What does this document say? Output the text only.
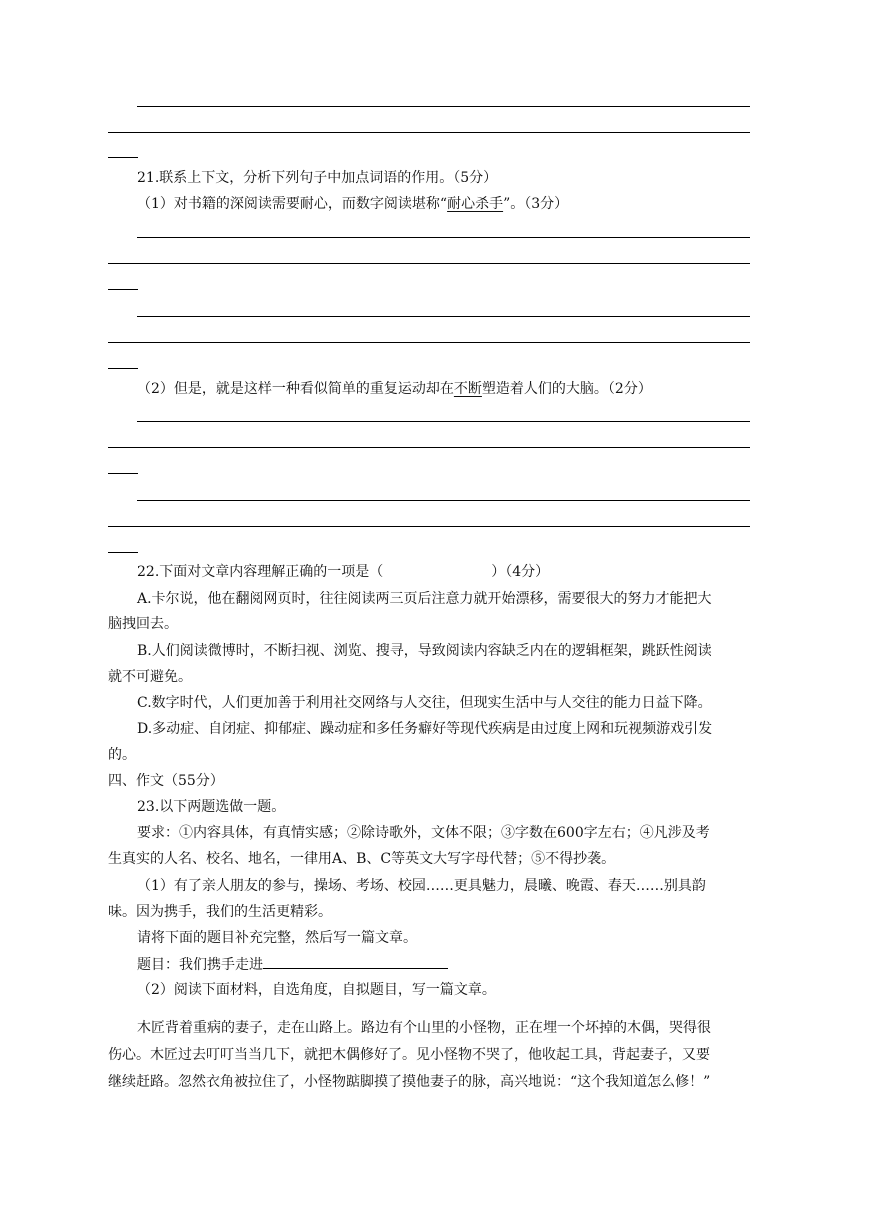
21.联系上下文，分析下列句子中加点词语的作用。（5分）
（1）对书籍的深阅读需要耐心，而数字阅读堪称“耐心杀手”。（3分）
（2）但是，就是这样一种看似简单的重复运动却在不断塑造着人们的大脑。（2分）
22.下面对文章内容理解正确的一项是（	）（4分）
A.卡尔说，他在翻阅网页时，往往阅读两三页后注意力就开始漂移，需要很大的努力才能把大
脑拽回去。
B.人们阅读微博时，不断扫视、浏览、搜寻，导致阅读内容缺乏内在的逻辑框架，跳跃性阅读
就不可避免。
C.数字时代，人们更加善于利用社交网络与人交往，但现实生活中与人交往的能力日益下降。
D.多动症、自闭症、抑郁症、躁动症和多任务癖好等现代疾病是由过度上网和玩视频游戏引发
的。
四、作文（55分）
23.以下两题选做一题。
要求：①内容具体，有真情实感；②除诗歌外，文体不限；③字数在600字左右；④凡涉及考
生真实的人名、校名、地名，一律用A、B、C等英文大写字母代替；⑤不得抄袭。
（1）有了亲人朋友的参与，操场、考场、校园……更具魅力，晨曦、晚霞、春天……别具韵
味。因为携手，我们的生活更精彩。
请将下面的题目补充完整，然后写一篇文章。
题目：我们携手走进
（2）阅读下面材料，自选角度，自拟题目，写一篇文章。
木匠背着重病的妻子，走在山路上。路边有个山里的小怪物，正在埋一个坏掉的木偶，哭得很
伤心。木匠过去叮叮当当几下，就把木偶修好了。见小怪物不哭了，他收起工具，背起妻子，又要
继续赶路。忽然衣角被拉住了，小怪物踮脚摸了摸他妻子的脉，高兴地说：“这个我知道怎么修！”
